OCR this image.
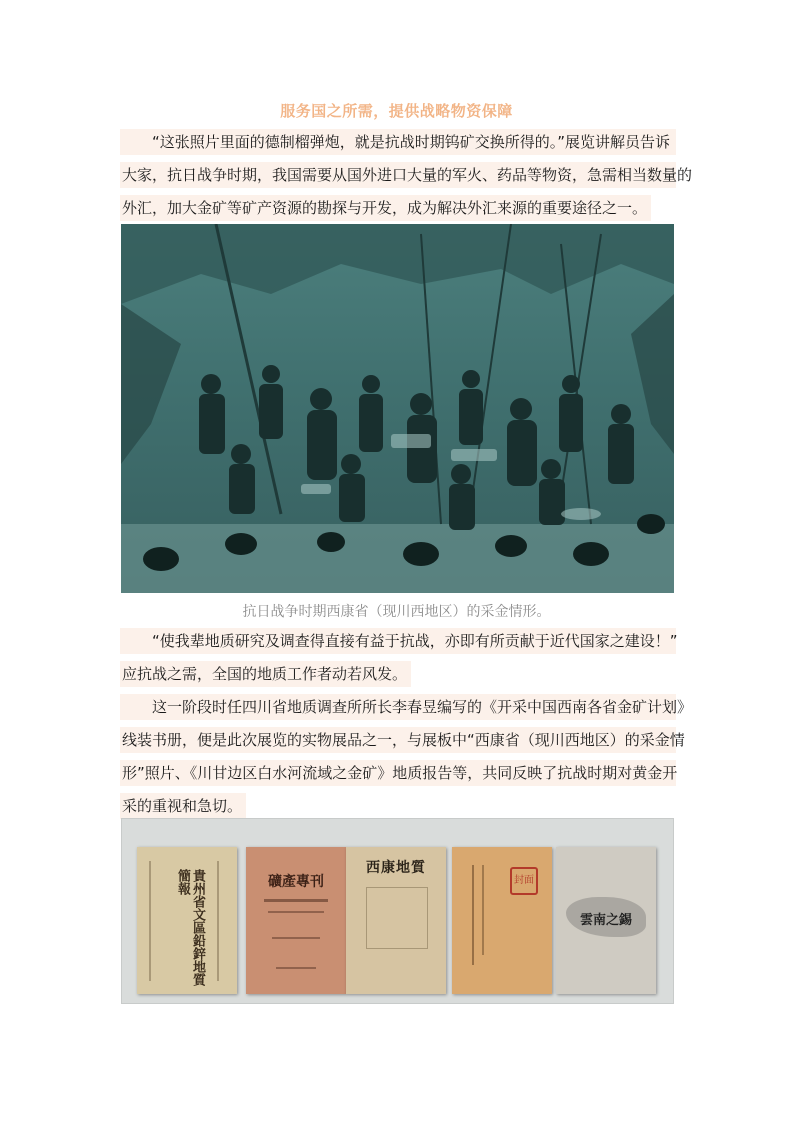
服务国之所需，提供战略物资保障
“这张照片里面的德制榴弹炮，就是抗战时期钨矿交换所得的。”展览讲解员告诉
大家，抗日战争时期，我国需要从国外进口大量的军火、药品等物资，急需相当数量的
外汇，加大金矿等矿产资源的勘探与开发，成为解决外汇来源的重要途径之一。
抗日战争时期西康省（现川西地区）的采金情形。
“使我辈地质研究及调查得直接有益于抗战，亦即有所贡献于近代国家之建设！”
应抗战之需，全国的地质工作者动若风发。
这一阶段时任四川省地质调查所所长李春昱编写的《开采中国西南各省金矿计划》
线装书册，便是此次展览的实物展品之一，与展板中“西康省（现川西地区）的采金情
形”照片、《川甘边区白水河流域之金矿》地质报告等，共同反映了抗战时期对黄金开
采的重视和急切。
貴州省文區鉛鋅地質簡報	礦產專刊
西康地質
封面
雲南之錫
